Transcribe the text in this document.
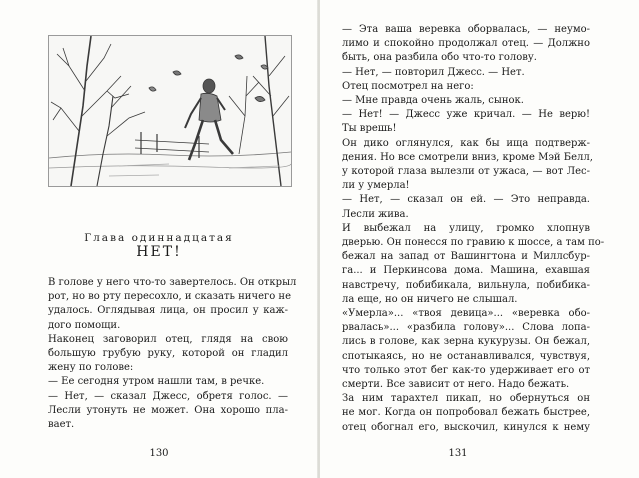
Глава одиннадцатая
НЕТ!
В голове у него что-то завертелось. Он открыл
рот, но во рту пересохло, и сказать ничего не
удалось. Оглядывая лица, он просил у каж-
дого помощи.
Наконец заговорил отец, глядя на свою
большую грубую руку, которой он гладил
жену по голове:
— Ее сегодня утром нашли там, в речке.
— Нет, — сказал Джесс, обретя голос. —
Лесли утонуть не может. Она хорошо пла-
вает.
130
— Эта ваша веревка оборвалась, — неумо-
лимо и спокойно продолжал отец. — Должно
быть, она разбила обо что-то голову.
— Нет, — повторил Джесс. — Нет.
Отец посмотрел на него:
— Мне правда очень жаль, сынок.
— Нет! — Джесс уже кричал. — Не верю!
Ты врешь!
Он дико оглянулся, как бы ища подтверж-
дения. Но все смотрели вниз, кроме Мэй Белл,
у которой глаза вылезли от ужаса, — вот Лес-
ли у умерла!
— Нет, — сказал он ей. — Это неправда.
Лесли жива.
И выбежал на улицу, громко хлопнув
дверью. Он понесся по гравию к шоссе, а там по-
бежал на запад от Вашингтона и Миллсбур-
га... и Перкинсова дома. Машина, ехавшая
навстречу, побибикала, вильнула, побибика-
ла еще, но он ничего не слышал.
«Умерла»... «твоя девица»... «веревка обо-
рвалась»... «разбила голову»... Слова лопа-
лись в голове, как зерна кукурузы. Он бежал,
спотыкаясь, но не останавливался, чувствуя,
что только этот бег как-то удерживает его от
смерти. Все зависит от него. Надо бежать.
За ним тарахтел пикап, но обернуться он
не мог. Когда он попробовал бежать быстрее,
отец обогнал его, выскочил, кинулся к нему
131
